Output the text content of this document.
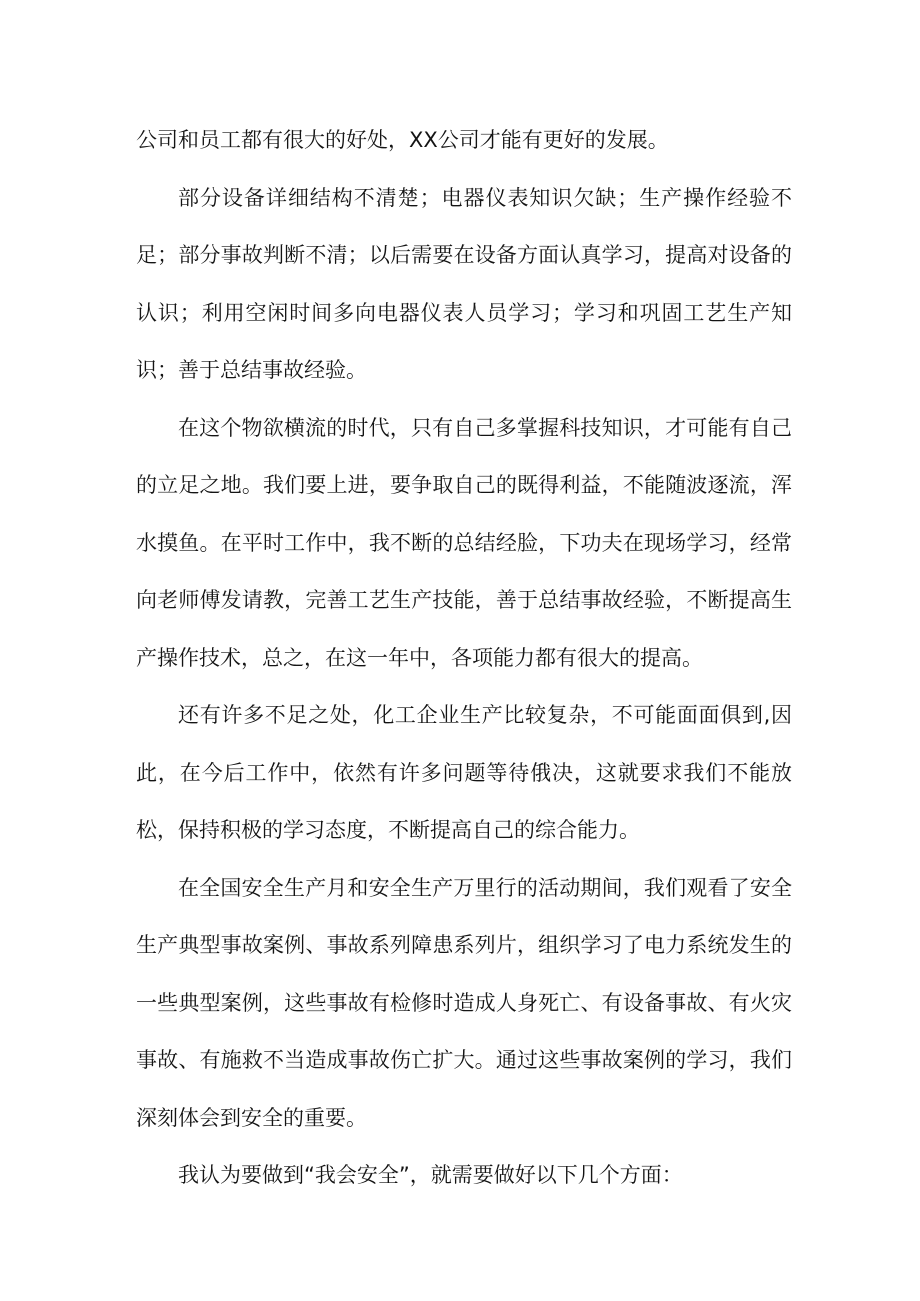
公司和员工都有很大的好处，XX公司才能有更好的发展。

部分设备详细结构不清楚；电器仪表知识欠缺；生产操作经验不足；部分事故判断不清；以后需要在设备方面认真学习，提高对设备的认识；利用空闲时间多向电器仪表人员学习；学习和巩固工艺生产知识；善于总结事故经验。

在这个物欲横流的时代，只有自己多掌握科技知识，才可能有自己的立足之地。我们要上进，要争取自己的既得利益，不能随波逐流，浑水摸鱼。在平时工作中，我不断的总结经脸，下功夫在现场学习，经常向老师傅发请教，完善工艺生产技能，善于总结事故经验，不断提高生产操作技术，总之，在这一年中，各项能力都有很大的提高。

还有许多不足之处，化工企业生产比较复杂，不可能面面俱到,因此，在今后工作中，依然有许多问题等待俄决，这就要求我们不能放松，保持积极的学习态度，不断提高自己的综合能力。

在全国安全生产月和安全生产万里行的活动期间，我们观看了安全生产典型事故案例、事故系列障患系列片，组织学习了电力系统发生的一些典型案例，这些事故有检修时造成人身死亡、有设备事故、有火灾事故、有施救不当造成事故伤亡扩大。通过这些事故案例的学习，我们深刻体会到安全的重要。

我认为要做到“我会安全”，就需要做好以下几个方面：
